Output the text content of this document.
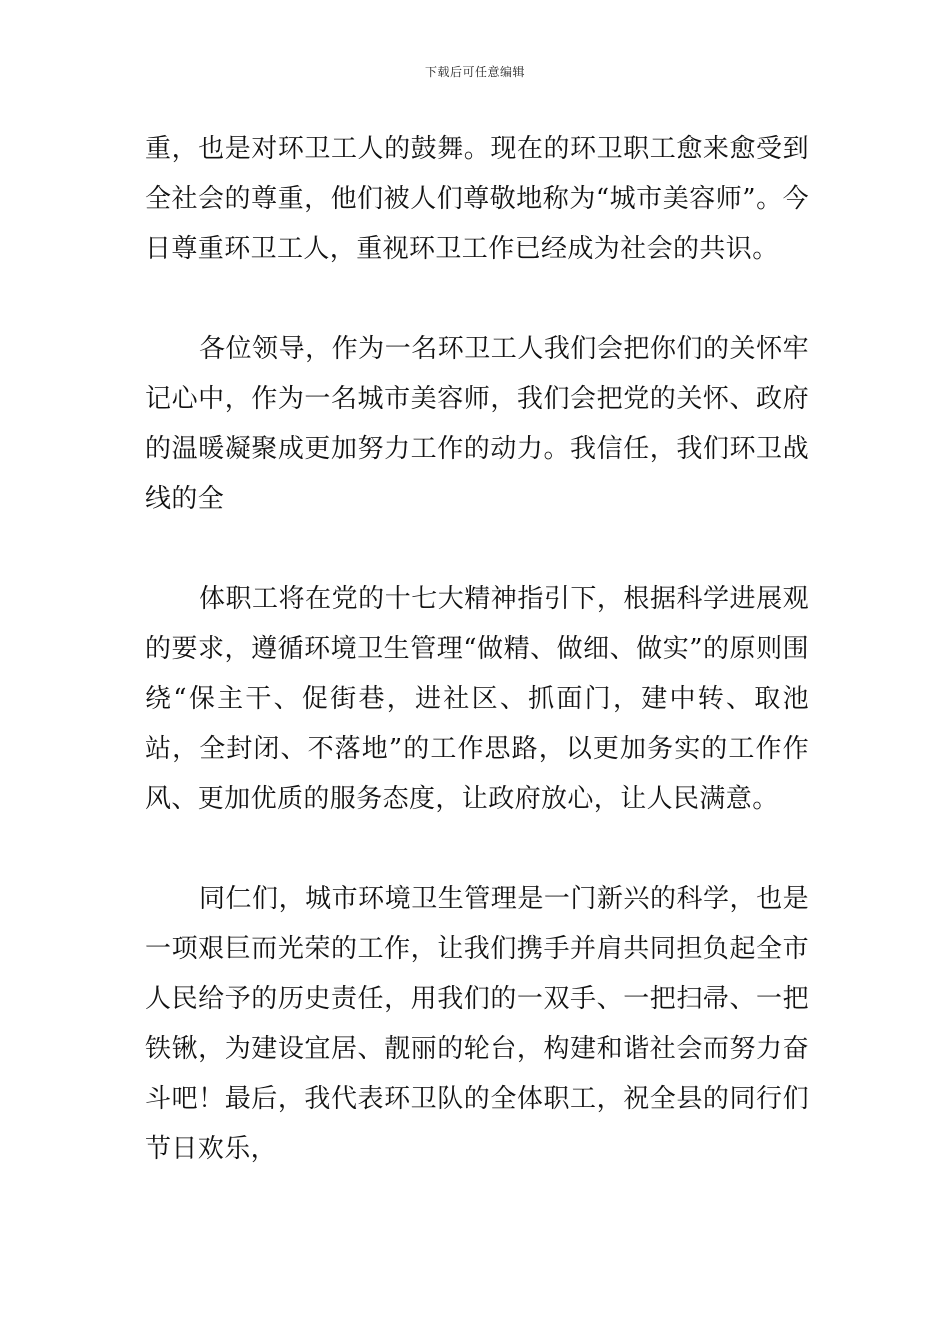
下载后可任意编辑

重，也是对环卫工人的鼓舞。现在的环卫职工愈来愈受到全社会的尊重，他们被人们尊敬地称为“城市美容师”。今日尊重环卫工人，重视环卫工作已经成为社会的共识。

各位领导，作为一名环卫工人我们会把你们的关怀牢记心中，作为一名城市美容师，我们会把党的关怀、政府的温暖凝聚成更加努力工作的动力。我信任，我们环卫战线的全

体职工将在党的十七大精神指引下，根据科学进展观的要求，遵循环境卫生管理“做精、做细、做实”的原则围绕“保主干、促街巷，进社区、抓面门，建中转、取池站，全封闭、不落地”的工作思路，以更加务实的工作作风、更加优质的服务态度，让政府放心，让人民满意。

同仁们，城市环境卫生管理是一门新兴的科学，也是一项艰巨而光荣的工作，让我们携手并肩共同担负起全市人民给予的历史责任，用我们的一双手、一把扫帚、一把铁锹，为建设宜居、靓丽的轮台，构建和谐社会而努力奋斗吧！最后，我代表环卫队的全体职工，祝全县的同行们节日欢乐，
